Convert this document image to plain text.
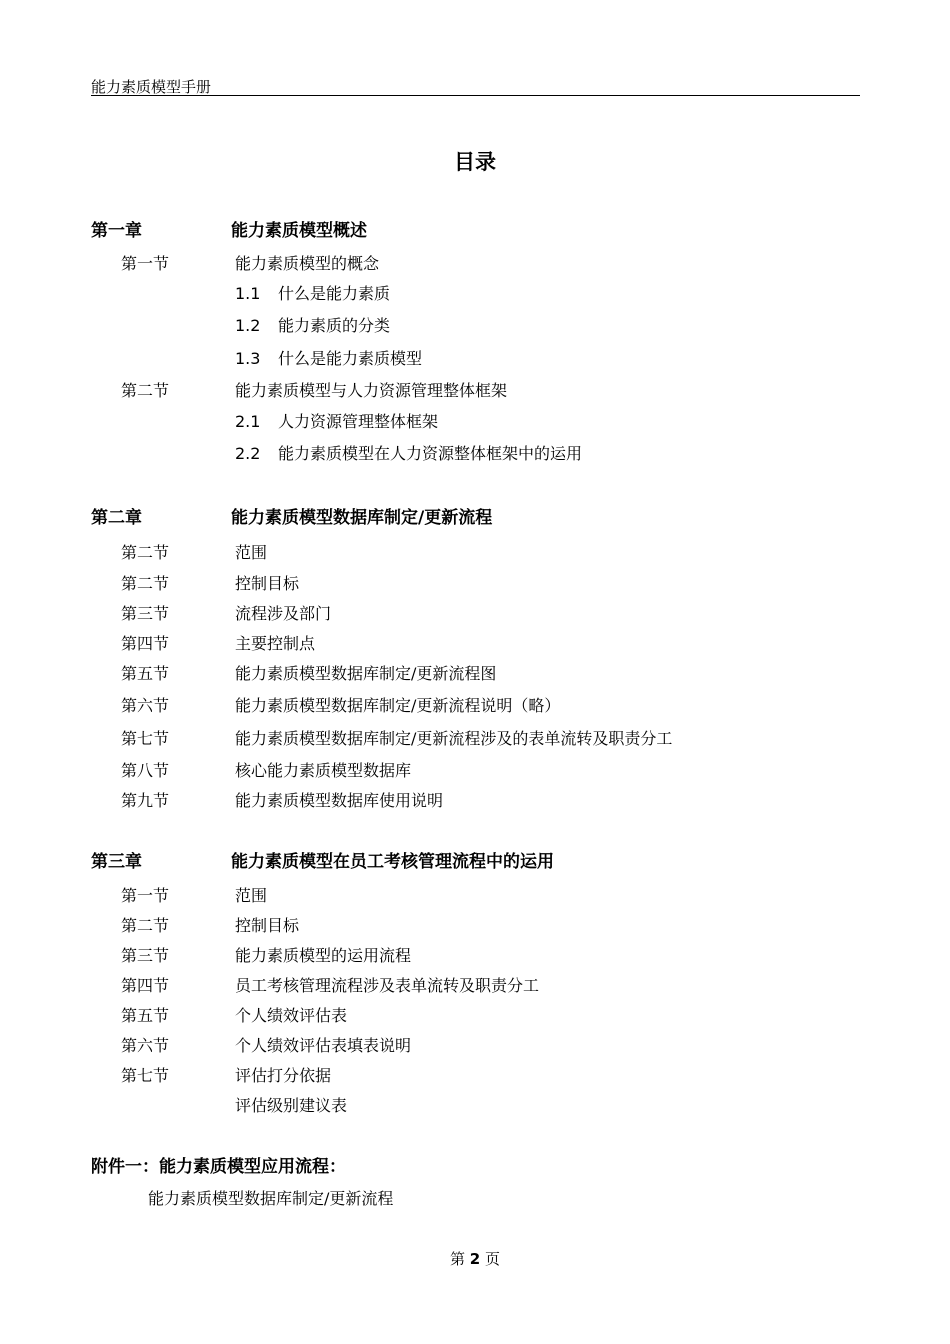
能力素质模型手册
目录
第一章	能力素质模型概述
第一节	能力素质模型的概念
1.1 什么是能力素质
1.2 能力素质的分类
1.3 什么是能力素质模型
第二节	能力素质模型与人力资源管理整体框架
2.1 人力资源管理整体框架
2.2 能力素质模型在人力资源整体框架中的运用
第二章	能力素质模型数据库制定/更新流程
第二节	范围
第二节	控制目标
第三节	流程涉及部门
第四节	主要控制点
第五节	能力素质模型数据库制定/更新流程图
第六节	能力素质模型数据库制定/更新流程说明（略）
第七节	能力素质模型数据库制定/更新流程涉及的表单流转及职责分工
第八节	核心能力素质模型数据库
第九节	能力素质模型数据库使用说明
第三章	能力素质模型在员工考核管理流程中的运用
第一节	范围
第二节	控制目标
第三节	能力素质模型的运用流程
第四节	员工考核管理流程涉及表单流转及职责分工
第五节	个人绩效评估表
第六节	个人绩效评估表填表说明
第七节	评估打分依据
评估级别建议表
附件一：能力素质模型应用流程：
能力素质模型数据库制定/更新流程
第 2 页
